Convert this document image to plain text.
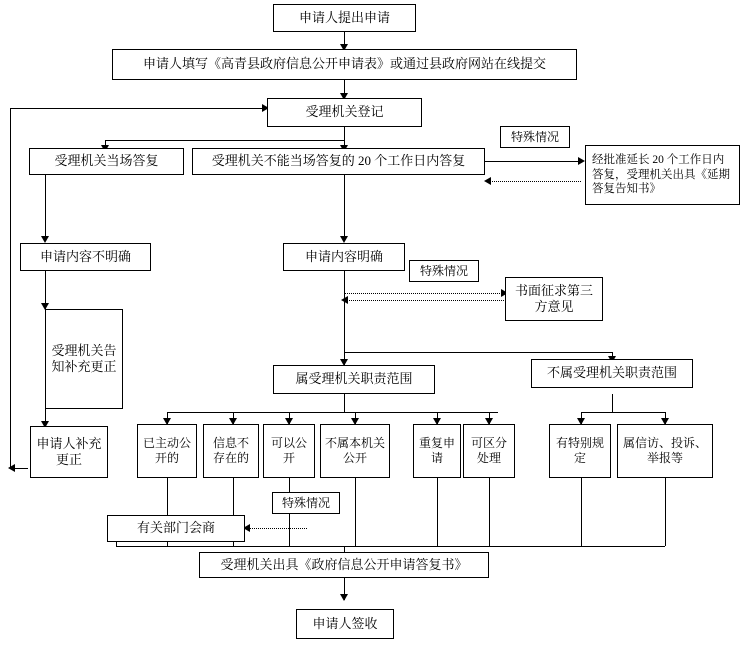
申请人提出申请
申请人填写《高青县政府信息公开申请表》或通过县政府网站在线提交
受理机关登记
特殊情况
受理机关当场答复	受理机关不能当场答复的 20 个工作日内答复	经批准延长 20 个工作日内答复，受理机关出具《延期答复告知书》
申请内容不明确	申请内容明确
特殊情况
书面征求第三方意见
受理机关告知补充更正
属受理机关职责范围	不属受理机关职责范围
申请人补充更正
已主动公开的
信息不存在的
可以公开
不属本机关公开
重复申请
可区分处理
有特别规定
属信访、投诉、举报等
特殊情况
有关部门会商
受理机关出具《政府信息公开申请答复书》
申请人签收
